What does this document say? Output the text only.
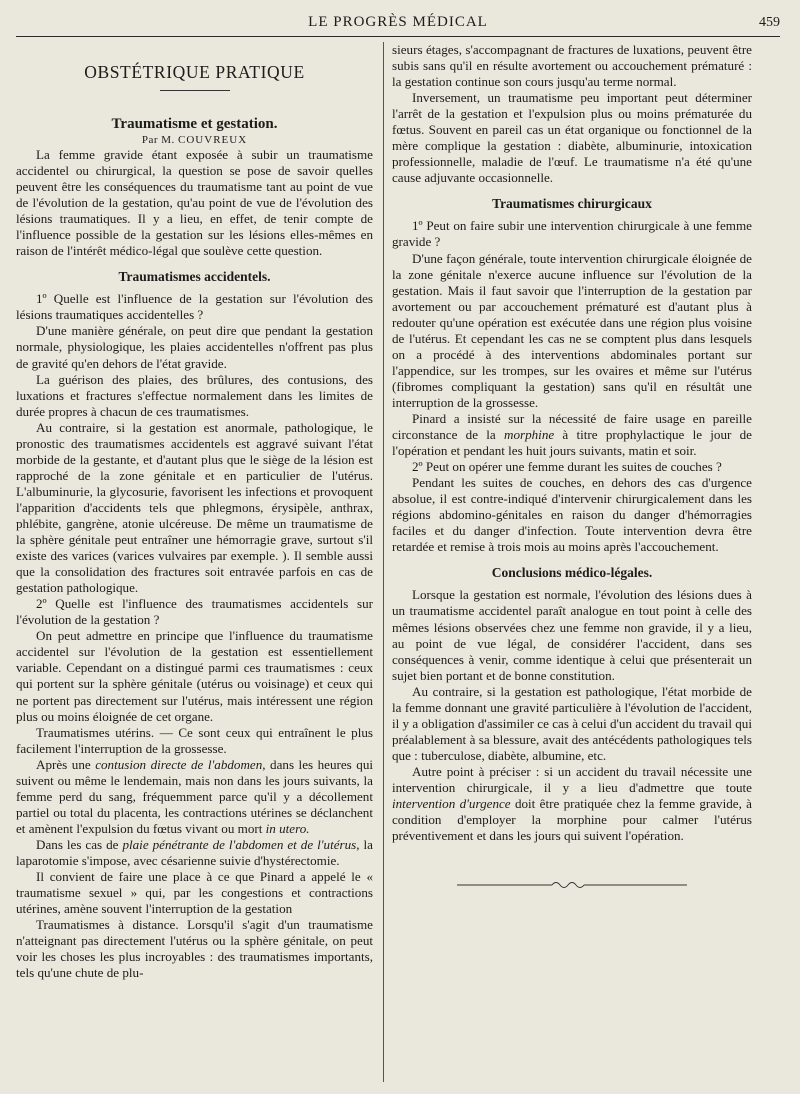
LE PROGRÈS MÉDICAL	459
OBSTÉTRIQUE PRATIQUE

Traumatisme et gestation.

Par M. COUVREUX

La femme gravide étant exposée à subir un traumatisme accidentel ou chirurgical, la question se pose de savoir quelles peuvent être les conséquences du traumatisme tant au point de vue de l'évolution de la gestation, qu'au point de vue de l'évolution des lésions traumatiques. Il y a lieu, en effet, de tenir compte de l'influence possible de la gestation sur les lésions elles-mêmes en raison de l'intérêt médico-légal que soulève cette question.

Traumatismes accidentels.

1º Quelle est l'influence de la gestation sur l'évolution des lésions traumatiques accidentelles ?

D'une manière générale, on peut dire que pendant la gestation normale, physiologique, les plaies accidentelles n'offrent pas plus de gravité qu'en dehors de l'état gravide.

La guérison des plaies, des brûlures, des contusions, des luxations et fractures s'effectue normalement dans les limites de durée propres à chacun de ces traumatismes.

Au contraire, si la gestation est anormale, pathologique, le pronostic des traumatismes accidentels est aggravé suivant l'état morbide de la gestante, et d'autant plus que le siège de la lésion est rapproché de la zone génitale et en particulier de l'utérus. L'albuminurie, la glycosurie, favorisent les infections et provoquent l'apparition d'accidents tels que phlegmons, érysipèle, anthrax, phlébite, gangrène, atonie ulcéreuse. De même un traumatisme de la sphère génitale peut entraîner une hémorragie grave, surtout s'il existe des varices (varices vulvaires par exemple. ). Il semble aussi que la consolidation des fractures soit entravée parfois en cas de gestation pathologique.

2º Quelle est l'influence des traumatismes accidentels sur l'évolution de la gestation ?

On peut admettre en principe que l'influence du traumatisme accidentel sur l'évolution de la gestation est essentiellement variable. Cependant on a distingué parmi ces traumatismes : ceux qui portent sur la sphère génitale (utérus ou voisinage) et ceux qui ne portent pas directement sur l'utérus, mais intéressent une région plus ou moins éloignée de cet organe.

Traumatismes utérins. — Ce sont ceux qui entraînent le plus facilement l'interruption de la grossesse.

Après une contusion directe de l'abdomen, dans les heures qui suivent ou même le lendemain, mais non dans les jours suivants, la femme perd du sang, fréquemment parce qu'il y a décollement partiel ou total du placenta, les contractions utérines se déclanchent et amènent l'expulsion du fœtus vivant ou mort in utero.

Dans les cas de plaie pénétrante de l'abdomen et de l'utérus, la laparotomie s'impose, avec césarienne suivie d'hystérectomie.

Il convient de faire une place à ce que Pinard a appelé le « traumatisme sexuel » qui, par les congestions et contractions utérines, amène souvent l'interruption de la gestation

Traumatismes à distance. Lorsqu'il s'agit d'un traumatisme n'atteignant pas directement l'utérus ou la sphère génitale, on peut voir les choses les plus incroyables : des traumatismes importants, tels qu'une chute de plu-

sieurs étages, s'accompagnant de fractures de luxations, peuvent être subis sans qu'il en résulte avortement ou accouchement prématuré : la gestation continue son cours jusqu'au terme normal.

Inversement, un traumatisme peu important peut déterminer l'arrêt de la gestation et l'expulsion plus ou moins prématurée du fœtus. Souvent en pareil cas un état organique ou fonctionnel de la mère complique la gestation : diabète, albuminurie, intoxication professionnelle, maladie de l'œuf. Le traumatisme n'a été qu'une cause adjuvante occasionnelle.

Traumatismes chirurgicaux

1º Peut on faire subir une intervention chirurgicale à une femme gravide ?

D'une façon générale, toute intervention chirurgicale éloignée de la zone génitale n'exerce aucune influence sur l'évolution de la gestation. Mais il faut savoir que l'interruption de la gestation par avortement ou par accouchement prématuré est d'autant plus à redouter qu'une opération est exécutée dans une région plus voisine de l'utérus. Et cependant les cas ne se comptent plus dans lesquels on a procédé à des interventions abdominales portant sur l'appendice, sur les trompes, sur les ovaires et même sur l'utérus (fibromes compliquant la gestation) sans qu'il en résultât une interruption de la grossesse.

Pinard a insisté sur la nécessité de faire usage en pareille circonstance de la morphine à titre prophylactique le jour de l'opération et pendant les huit jours suivants, matin et soir.

2º Peut on opérer une femme durant les suites de couches ?

Pendant les suites de couches, en dehors des cas d'urgence absolue, il est contre-indiqué d'intervenir chirurgicalement dans les régions abdomino-génitales en raison du danger d'hémorragies faciles et du danger d'infection. Toute intervention devra être retardée et remise à trois mois au moins après l'accouchement.

Conclusions médico-légales.

Lorsque la gestation est normale, l'évolution des lésions dues à un traumatisme accidentel paraît analogue en tout point à celle des mêmes lésions observées chez une femme non gravide, il y a lieu, au point de vue légal, de considérer l'accident, dans ses conséquences à venir, comme identique à celui que présenterait un sujet bien portant et de bonne constitution.

Au contraire, si la gestation est pathologique, l'état morbide de la femme donnant une gravité particulière à l'évolution de l'accident, il y a obligation d'assimiler ce cas à celui d'un accident du travail qui préalablement à sa blessure, avait des antécédents pathologiques tels que : tuberculose, diabète, albumine, etc.

Autre point à préciser : si un accident du travail nécessite une intervention chirurgicale, il y a lieu d'admettre que toute intervention d'urgence doit être pratiquée chez la femme gravide, à condition d'employer la morphine pour calmer l'utérus préventivement et dans les jours qui suivent l'opération.
